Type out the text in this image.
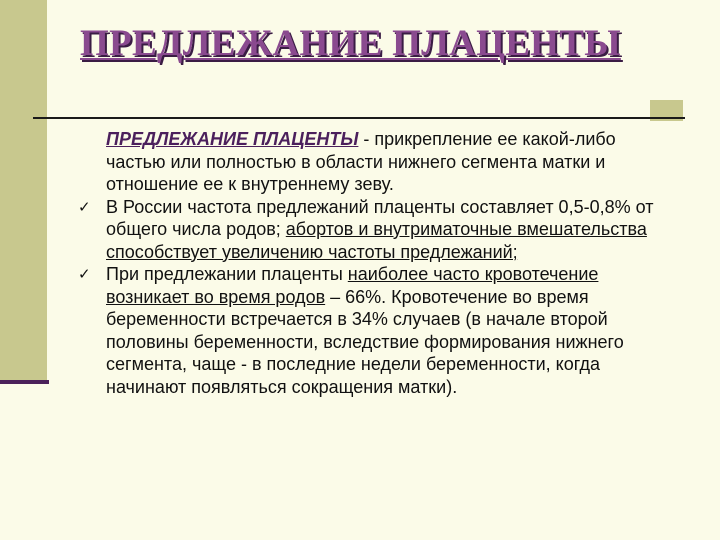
ПРЕДЛЕЖАНИЕ ПЛАЦЕНТЫ
ПРЕДЛЕЖАНИЕ ПЛАЦЕНТЫ - прикрепление ее какой-либо частью или полностью в области нижнего сегмента матки и отношение ее к внутреннему зеву.
✓ В России частота предлежаний плаценты составляет 0,5-0,8% от общего числа родов; абортов и внутриматочные вмешательства способствует увеличению частоты предлежаний;
✓ При предлежании плаценты наиболее часто кровотечение возникает во время родов – 66%. Кровотечение во время беременности встречается в 34% случаев (в начале второй половины беременности, вследствие формирования нижнего сегмента, чаще - в последние недели беременности, когда начинают появляться сокращения матки).
